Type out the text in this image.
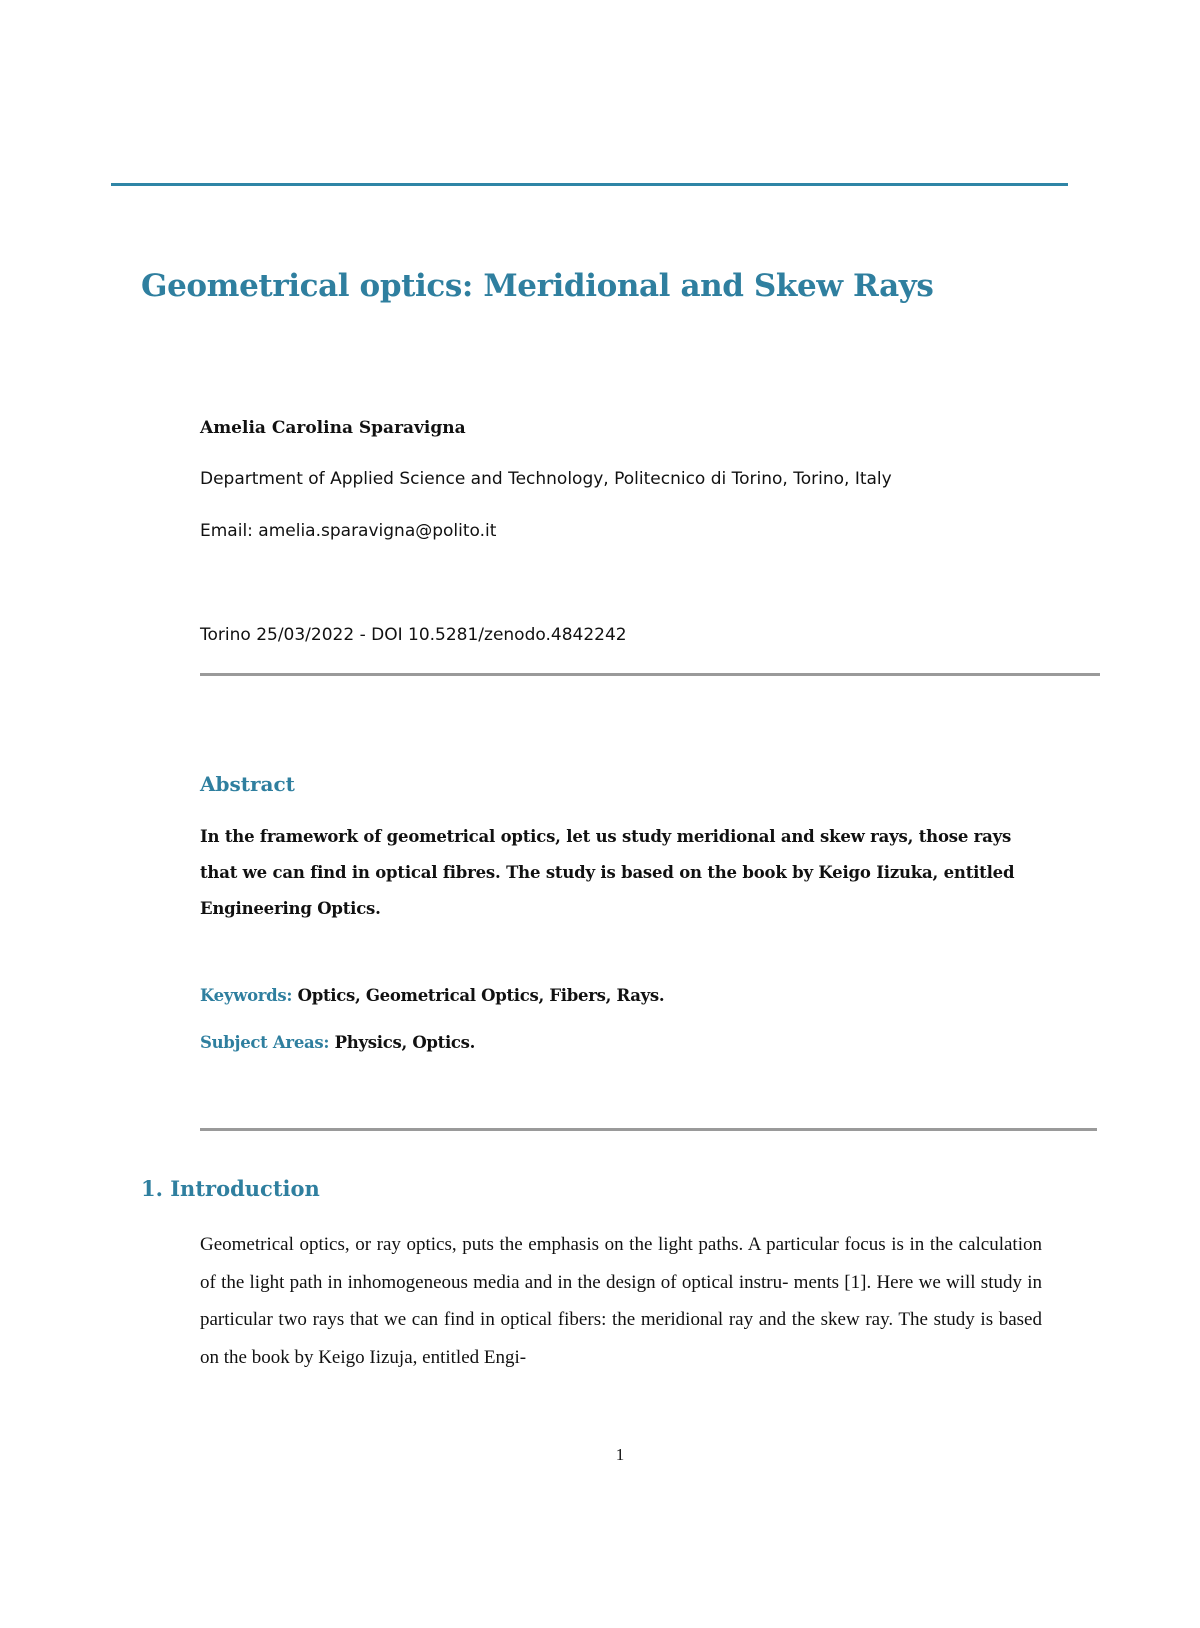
Geometrical optics: Meridional and Skew Rays
Amelia Carolina Sparavigna
Department of Applied Science and Technology, Politecnico di Torino, Torino, Italy
Email: amelia.sparavigna@polito.it
Torino 25/03/2022 - DOI 10.5281/zenodo.4842242
Abstract

In the framework of geometrical optics, let us study meridional and skew rays, those rays that we can find in optical fibres. The study is based on the book by Keigo Iizuka, entitled Engineering Optics.

Keywords: Optics, Geometrical Optics, Fibers, Rays.
Subject Areas: Physics, Optics.
1. Introduction

Geometrical optics, or ray optics, puts the emphasis on the light paths. A particular focus is in the calculation of the light path in inhomogeneous media and in the design of optical instru- ments [1]. Here we will study in particular two rays that we can find in optical fibers: the meridional ray and the skew ray. The study is based on the book by Keigo Iizuja, entitled Engi-

1
